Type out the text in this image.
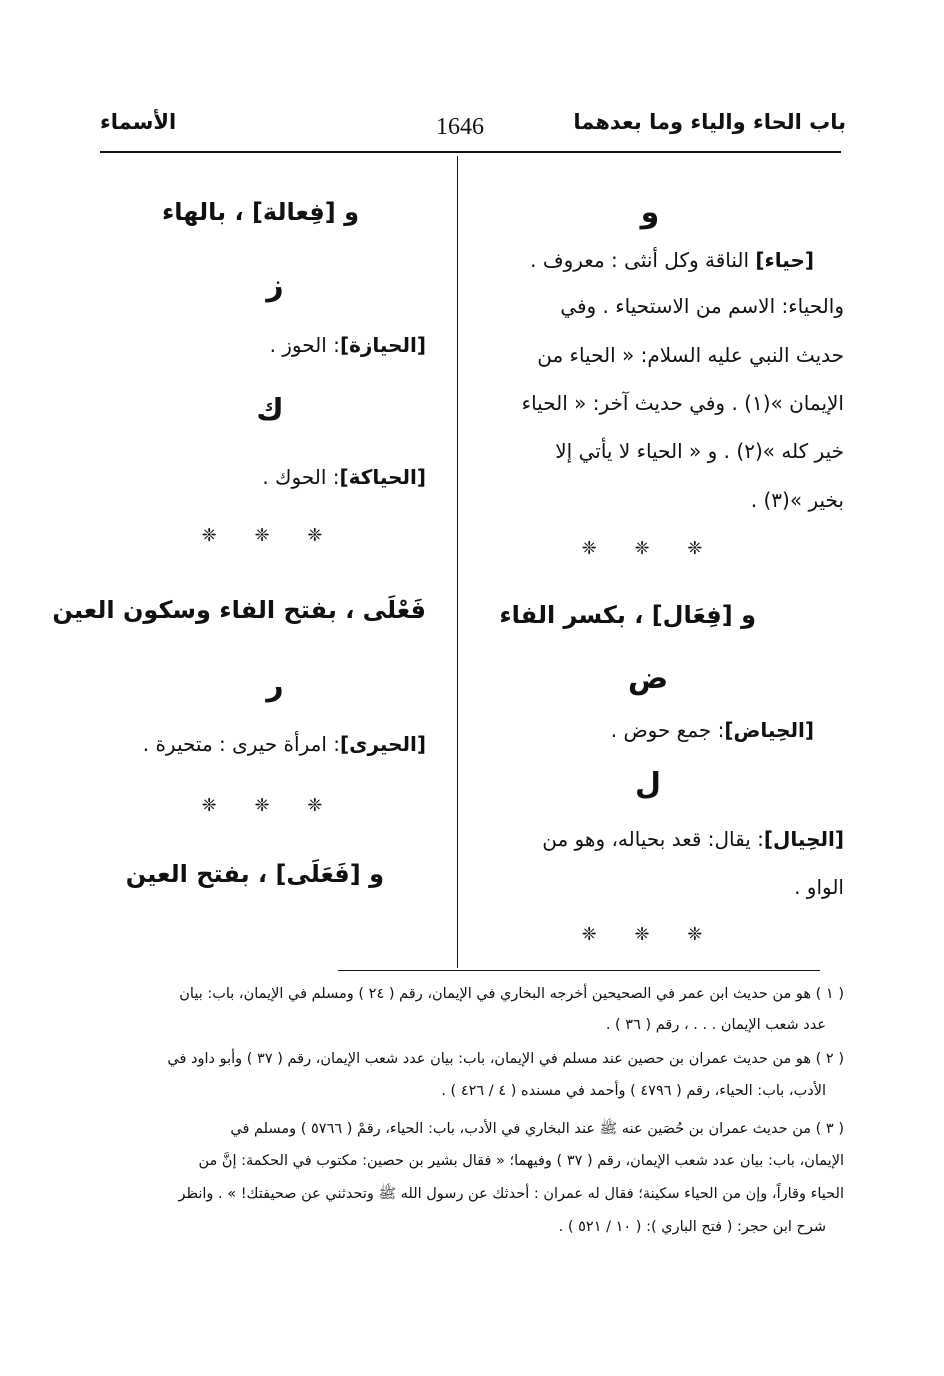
باب الحاء والياء وما بعدهما
1646
الأسماء
و
[حياء] الناقة وكل أنثى : معروف .
والحياء: الاسم من الاستحياء . وفي
حديث النبي عليه السلام: « الحياء من
الإيمان »(١) . وفي حديث آخر: « الحياء
خير كله »(٢) . و « الحياء لا يأتي إلا
بخير »(٣) .
❈ ❈ ❈
و [فِعَال] ، بكسر الفاء
ض
[الحِياض]: جمع حوض .
ل
[الحِيال]: يقال: قعد بحياله، وهو من
الواو .
❈ ❈ ❈
و [فِعالة] ، بالهاء
ز
[الحيازة]: الحوز .
ك
[الحياكة]: الحوك .
❈ ❈ ❈
فَعْلَى ، بفتح الفاء وسكون العين
ر
[الحيرى]: امرأة حيرى : متحيرة .
❈ ❈ ❈
و [فَعَلَى] ، بفتح العين
( ١ ) هو من حديث ابن عمر في الصحيحين أخرجه البخاري في الإيمان، رقم ( ٢٤ ) ومسلم في الإيمان، باب: بيان
عدد شعب الإيمان . . . ، رقم ( ٣٦ ) .
( ٢ ) هو من حديث عمران بن حصين عند مسلم في الإيمان، باب: بيان عدد شعب الإيمان، رقم ( ٣٧ ) وأبو داود في
الأدب، باب: الحياء، رقم ( ٤٧٩٦ ) وأحمد في مسنده ( ٤ / ٤٢٦ ) .
( ٣ ) من حديث عمران بن حُصَين عنه ﷺ عند البخاري في الأدب، باب: الحياء، رقمْ ( ٥٧٦٦ ) ومسلم في
الإيمان، باب: بيان عدد شعب الإيمان، رقم ( ٣٧ ) وفيهما؛ « فقال بشير بن حصين: مكتوب في الحكمة: إنَّ من
الحياء وقاراً، وإن من الحياء سكينة؛ فقال له عمران : أحدثك عن رسول الله ﷺ وتحدثني عن صحيفتك! » . وانظر
شرح ابن حجر: ( فتح الباري ): ( ١٠ / ٥٢١ ) .
